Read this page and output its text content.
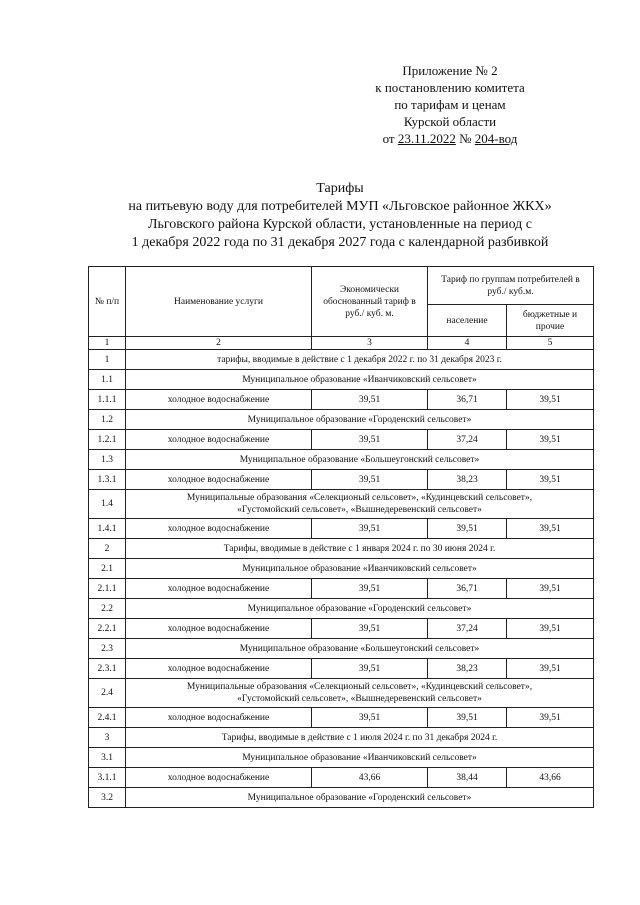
Приложение № 2
к постановлению комитета
по тарифам и ценам
Курской области
от 23.11.2022 № 204-вод
Тарифы
на питьевую воду для потребителей МУП «Льговское районное ЖКХ»
Льговского района Курской области, установленные на период с
1 декабря 2022 года по 31 декабря 2027 года с календарной разбивкой
№ п/п	Наименование услуги	Экономически обоснованный тариф в руб./ куб. м.	Тариф по группам потребителей в руб./ куб.м.	
			население	бюджетные и прочие
1	2	3	4	5
1	тарифы, вводимые в действие с 1 декабря 2022 г. по 31 декабря 2023 г.			
1.1	Муниципальное образование «Иванчиковский сельсовет»			
1.1.1	холодное водоснабжение	39,51	36,71	39,51
1.2	Муниципальное образование «Городенский сельсовет»			
1.2.1	холодное водоснабжение	39,51	37,24	39,51
1.3	Муниципальное образование «Большеугонский сельсовет»			
1.3.1	холодное водоснабжение	39,51	38,23	39,51
1.4	Муниципальные образования «Селекционый сельсовет», «Кудинцевский сельсовет»,
«Густомойский сельсовет», «Вышнедеревенский сельсовет»			

1.4.1	холодное водоснабжение	39,51	39,51	39,51
2	Тарифы, вводимые в действие с 1 января 2024 г. по 30 июня 2024 г.			
2.1	Муниципальное образование «Иванчиковский сельсовет»			
2.1.1	холодное водоснабжение	39,51	36,71	39,51
2.2	Муниципальное образование «Городенский сельсовет»			
2.2.1	холодное водоснабжение	39,51	37,24	39,51
2.3	Муниципальное образование «Большеугонский сельсовет»			
2.3.1	холодное водоснабжение	39,51	38,23	39,51
2.4	Муниципальные образования «Селекционый сельсовет», «Кудинцевский сельсовет»,
«Густомойский сельсовет», «Вышнедеревенский сельсовет»			

2.4.1	холодное водоснабжение	39,51	39,51	39,51
3	Тарифы, вводимые в действие с 1 июля 2024 г. по 31 декабря 2024 г.			
3.1	Муниципальное образование «Иванчиковский сельсовет»			
3.1.1	холодное водоснабжение	43,66	38,44	43,66
3.2	Муниципальное образование «Городенский сельсовет»			
